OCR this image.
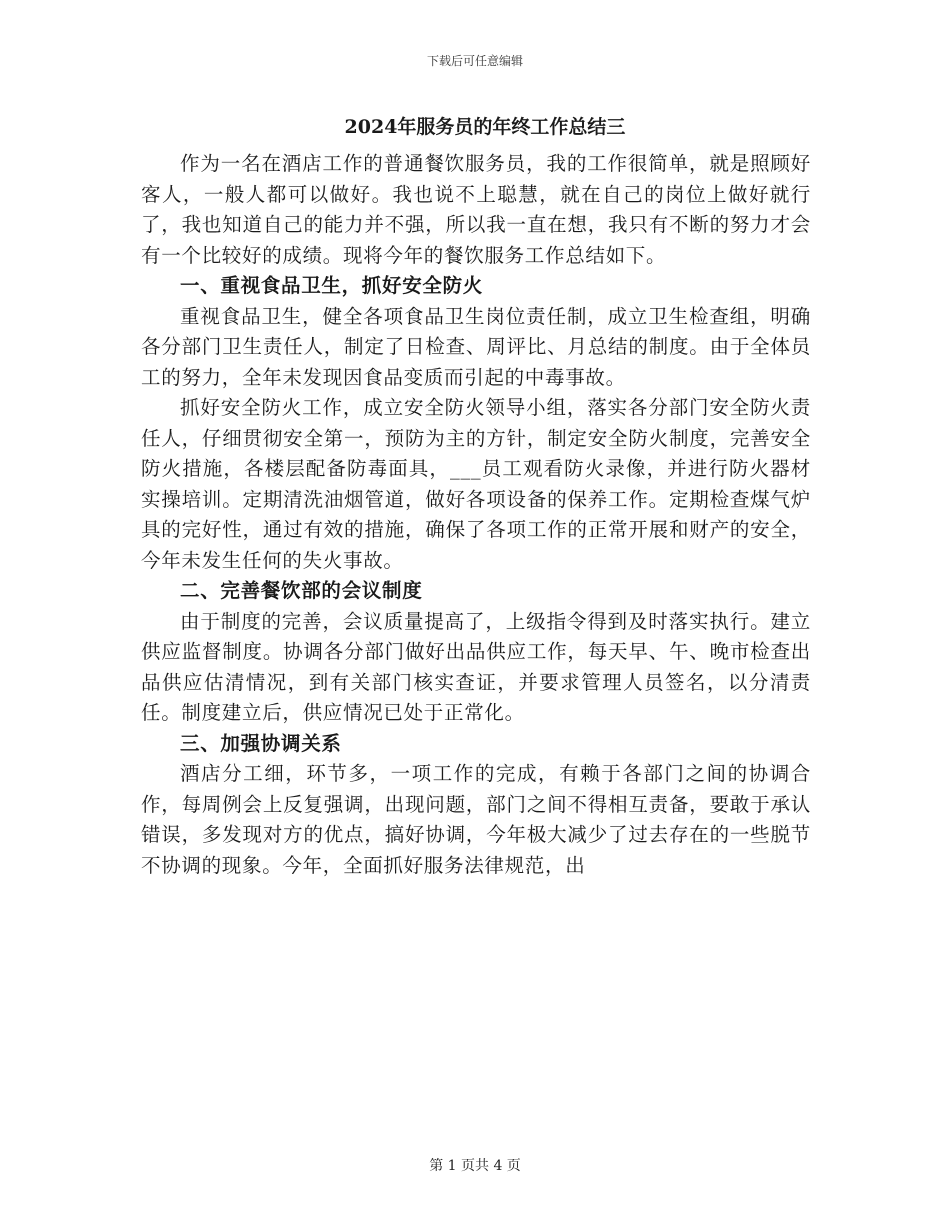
下载后可任意编辑
2024年服务员的年终工作总结三

作为一名在酒店工作的普通餐饮服务员，我的工作很简单，就是照顾好客人，一般人都可以做好。我也说不上聪慧，就在自己的岗位上做好就行了，我也知道自己的能力并不强，所以我一直在想，我只有不断的努力才会有一个比较好的成绩。现将今年的餐饮服务工作总结如下。

一、重视食品卫生，抓好安全防火

重视食品卫生，健全各项食品卫生岗位责任制，成立卫生检查组，明确各分部门卫生责任人，制定了日检查、周评比、月总结的制度。由于全体员工的努力，全年未发现因食品变质而引起的中毒事故。

抓好安全防火工作，成立安全防火领导小组，落实各分部门安全防火责任人，仔细贯彻安全第一，预防为主的方针，制定安全防火制度，完善安全防火措施，各楼层配备防毒面具，___员工观看防火录像，并进行防火器材实操培训。定期清洗油烟管道，做好各项设备的保养工作。定期检查煤气炉具的完好性，通过有效的措施，确保了各项工作的正常开展和财产的安全，今年未发生任何的失火事故。

二、完善餐饮部的会议制度

由于制度的完善，会议质量提高了，上级指令得到及时落实执行。建立供应监督制度。协调各分部门做好出品供应工作，每天早、午、晚市检查出品供应估清情况，到有关部门核实查证，并要求管理人员签名，以分清责任。制度建立后，供应情况已处于正常化。

三、加强协调关系

酒店分工细，环节多，一项工作的完成，有赖于各部门之间的协调合作，每周例会上反复强调，出现问题，部门之间不得相互责备，要敢于承认错误，多发现对方的优点，搞好协调，今年极大减少了过去存在的一些脱节不协调的现象。今年，全面抓好服务法律规范，出

第 1 页共 4 页
